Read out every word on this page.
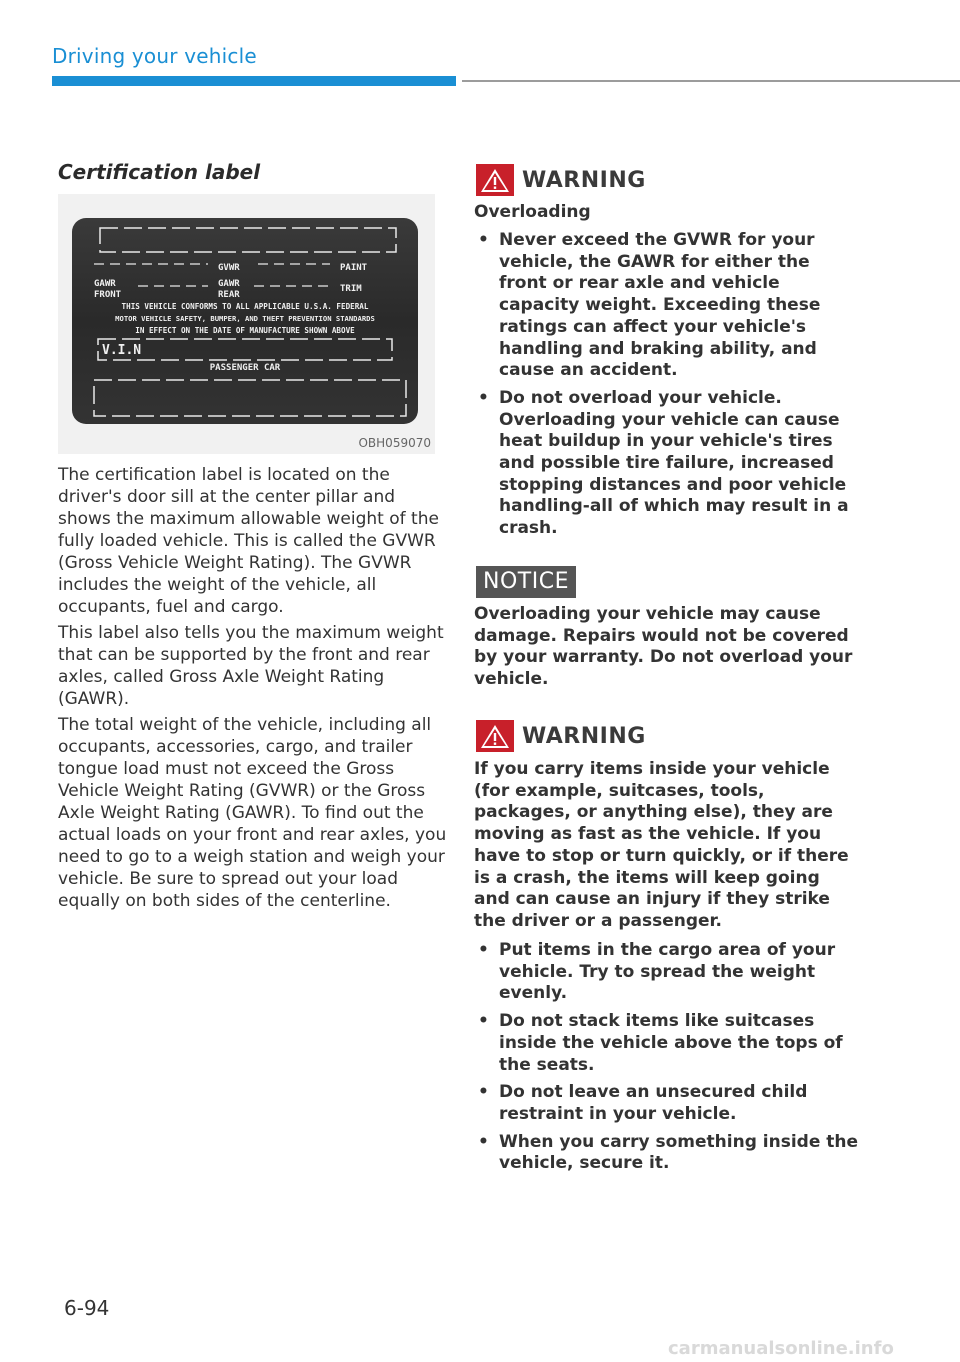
Driving your vehicle
Certification label
GVWR	PAINT
GAWR	GAWR
FRONT	REAR
TRIM
THIS VEHICLE CONFORMS TO ALL APPLICABLE U.S.A. FEDERAL
MOTOR VEHICLE SAFETY, BUMPER, AND THEFT PREVENTION STANDARDS
IN EFFECT ON THE DATE OF MANUFACTURE SHOWN ABOVE
V.I.N
PASSENGER CAR
OBH059070
The certification label is located on the driver's door sill at the center pillar and shows the maximum allowable weight of the fully loaded vehicle. This is called the GVWR (Gross Vehicle Weight Rating). The GVWR includes the weight of the vehicle, all occupants, fuel and cargo.
This label also tells you the maximum weight that can be supported by the front and rear axles, called Gross Axle Weight Rating (GAWR).
The total weight of the vehicle, including all occupants, accessories, cargo, and trailer tongue load must not exceed the Gross Vehicle Weight Rating (GVWR) or the Gross Axle Weight Rating (GAWR). To find out the actual loads on your front and rear axles, you need to go to a weigh station and weigh your vehicle. Be sure to spread out your load equally on both sides of the centerline.
WARNING
Overloading
• Never exceed the GVWR for your vehicle, the GAWR for either the front or rear axle and vehicle capacity weight. Exceeding these ratings can affect your vehicle's handling and braking ability, and cause an accident.
• Do not overload your vehicle. Overloading your vehicle can cause heat buildup in your vehicle's tires and possible tire failure, increased stopping distances and poor vehicle handling-all of which may result in a crash.
NOTICE
Overloading your vehicle may cause damage. Repairs would not be covered by your warranty. Do not overload your vehicle.
WARNING
If you carry items inside your vehicle (for example, suitcases, tools, packages, or anything else), they are moving as fast as the vehicle. If you have to stop or turn quickly, or if there is a crash, the items will keep going and can cause an injury if they strike the driver or a passenger.
• Put items in the cargo area of your vehicle. Try to spread the weight evenly.
• Do not stack items like suitcases inside the vehicle above the tops of the seats.
• Do not leave an unsecured child restraint in your vehicle.
• When you carry something inside the vehicle, secure it.
6-94
carmanualsonline.info
